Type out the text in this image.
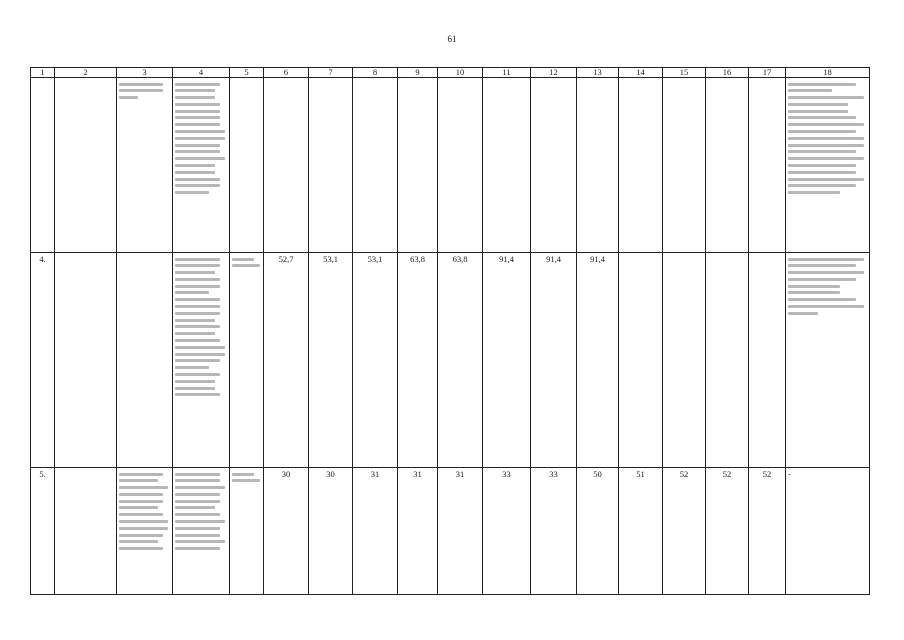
61
1	2	3	4	5	6	7	8	9	10	11	12	13	14	15	16	17	18

4.					52,7	53,1	53,1	63,8	63,8	91,4	91,4	91,4					

5.					30	30	31	31	31	33	33	50	51	52	52	52	-
